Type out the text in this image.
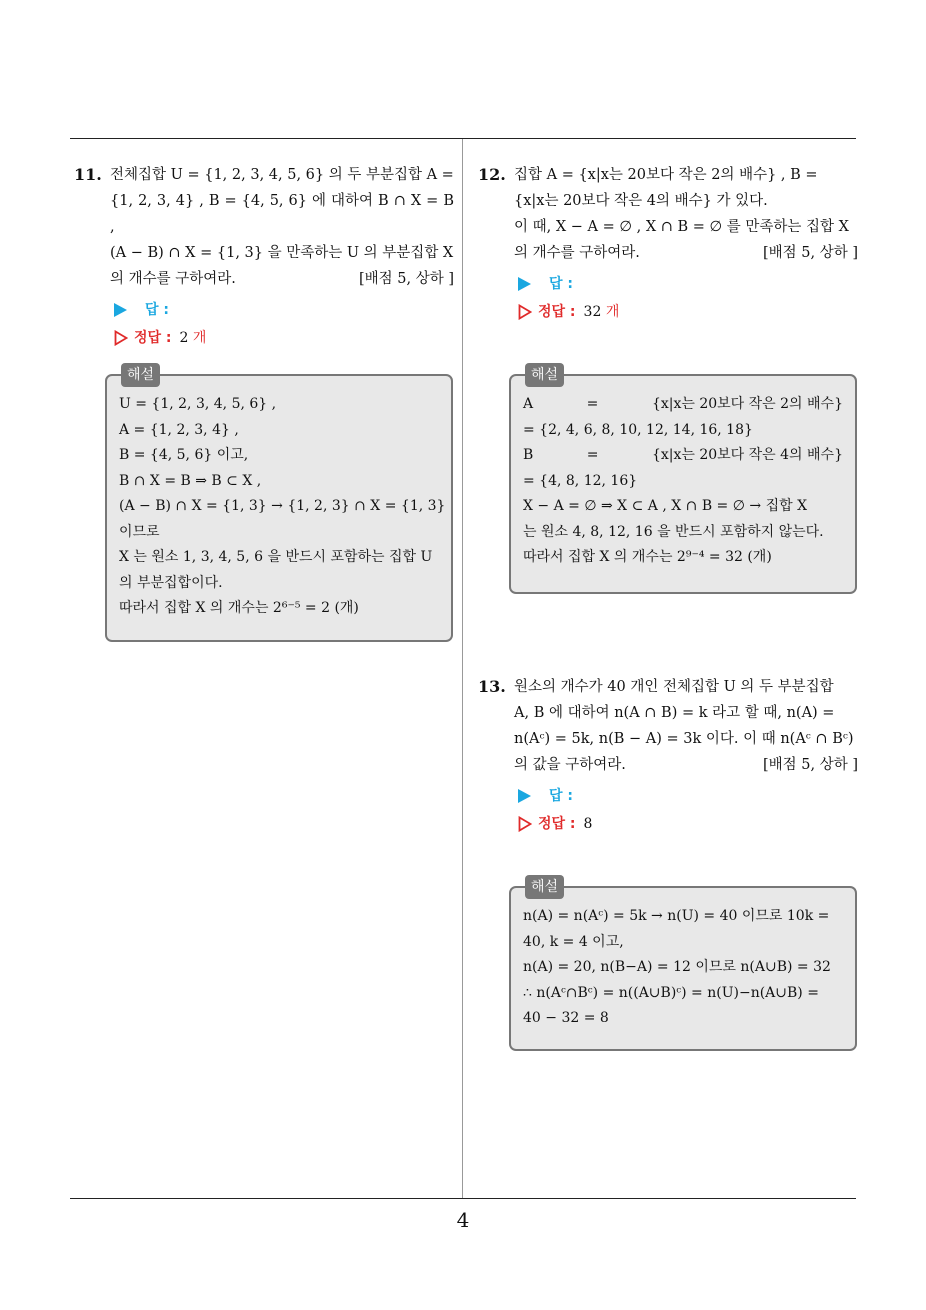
11. 전체집합 U = {1, 2, 3, 4, 5, 6} 의 두 부분집합 A =
{1, 2, 3, 4} , B = {4, 5, 6} 에 대하여 B ∩ X = B ,
(A − B) ∩ X = {1, 3} 을 만족하는 U 의 부분집합 X
의 개수를 구하여라.	[배점 5, 상하 ]
답 :
정답 : 2
개
해설
U = {1, 2, 3, 4, 5, 6} ,
A = {1, 2, 3, 4} ,
B = {4, 5, 6} 이고,
B ∩ X = B ⇒ B ⊂ X ,
(A − B) ∩ X = {1, 3} → {1, 2, 3} ∩ X = {1, 3}
이므로
X 는 원소 1, 3, 4, 5, 6 을 반드시 포함하는 집합 U
의 부분집합이다.
따라서 집합 X 의 개수는 2⁶⁻⁵ = 2 (개)
12. 집합 A = {x|x는 20보다 작은 2의 배수} , B =
{x|x는 20보다 작은 4의 배수} 가 있다.
이 때, X − A = ∅ , X ∩ B = ∅ 를 만족하는 집합 X
의 개수를 구하여라.	[배점 5, 상하 ]
답 :
정답 : 32
개
해설
A	=	{x|x는 20보다 작은 2의 배수}
= {2, 4, 6, 8, 10, 12, 14, 16, 18}
B	=	{x|x는 20보다 작은 4의 배수}
= {4, 8, 12, 16}
X − A = ∅ ⇒ X ⊂ A , X ∩ B = ∅ → 집합 X
는 원소 4, 8, 12, 16 을 반드시 포함하지 않는다.
따라서 집합 X 의 개수는 2⁹⁻⁴ = 32 (개)
13. 원소의 개수가 40 개인 전체집합 U 의 두 부분집합
A, B 에 대하여 n(A ∩ B) = k 라고 할 때, n(A) =
n(Aᶜ) = 5k, n(B − A) = 3k 이다. 이 때 n(Aᶜ ∩ Bᶜ)
의 값을 구하여라.	[배점 5, 상하 ]
답 :
정답 : 8
해설
n(A) = n(Aᶜ) = 5k → n(U) = 40 이므로 10k =
40, k = 4 이고,
n(A) = 20, n(B−A) = 12 이므로 n(A∪B) = 32
∴ n(Aᶜ∩Bᶜ) = n((A∪B)ᶜ) = n(U)−n(A∪B) =
40 − 32 = 8
4
